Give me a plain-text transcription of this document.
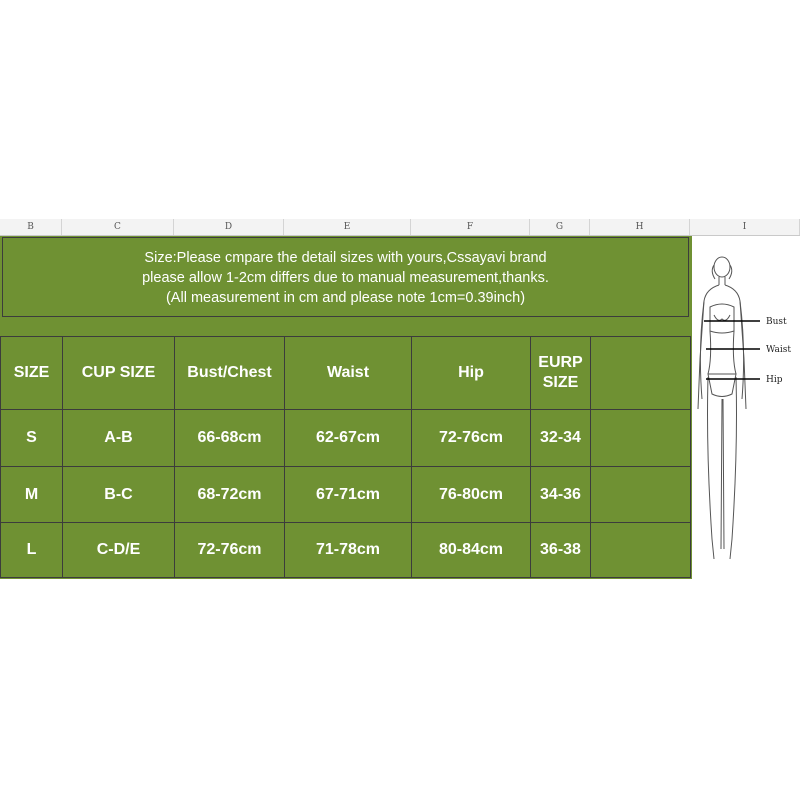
B	C	D	E	F	G	H	I
Size:Please cmpare the detail sizes with yours,Cssayavi brand
please allow 1-2cm differs due to manual measurement,thanks.
(All measurement in cm and please note 1cm=0.39inch)
SIZE	CUP SIZE	Bust/Chest	Waist	Hip	EURP SIZE	
S	A-B	66-68cm	62-67cm	72-76cm	32-34	
M	B-C	68-72cm	67-71cm	76-80cm	34-36	
L	C-D/E	72-76cm	71-78cm	80-84cm	36-38	
Bust
Waist
Hip
